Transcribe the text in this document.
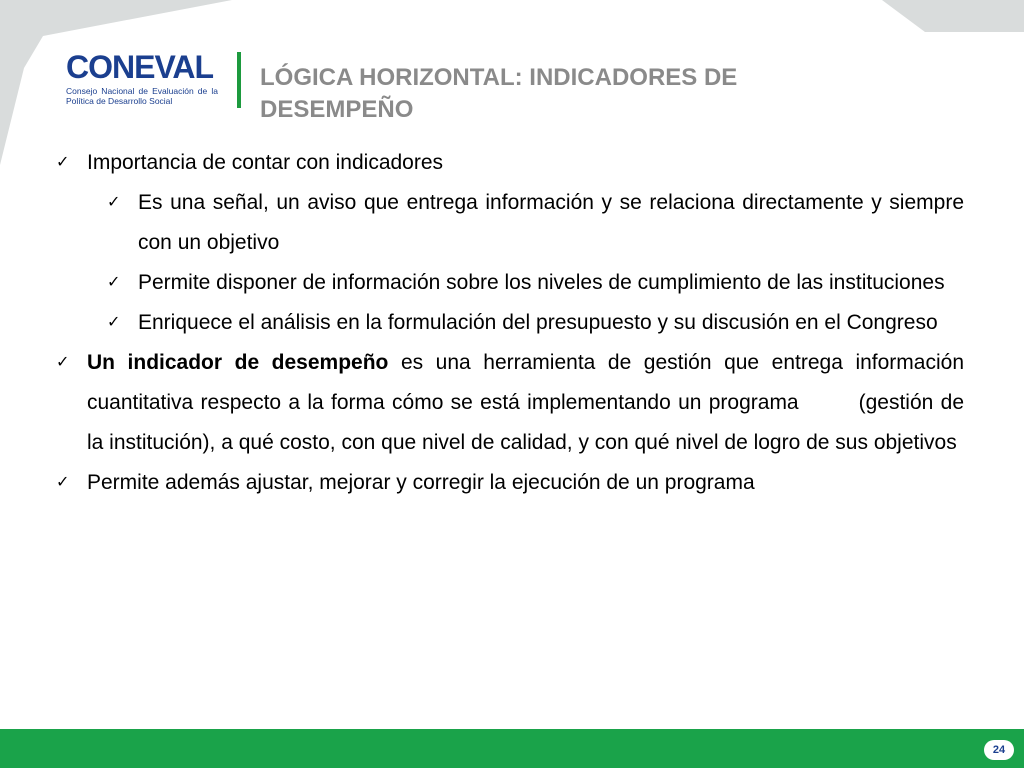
CONEVAL
Consejo Nacional de Evaluación de la Política de Desarrollo Social
LÓGICA HORIZONTAL: INDICADORES DE DESEMPEÑO
✓ Importancia de contar con indicadores
✓ Es una señal, un aviso que entrega información y se relaciona directamente y siempre con un objetivo
✓ Permite disponer de información sobre los niveles de cumplimiento de las instituciones
✓ Enriquece el análisis en la formulación del presupuesto y su discusión en el Congreso
✓ Un indicador de desempeño es una herramienta de gestión que entrega información cuantitativa respecto a la forma cómo se está implementando un programa	(gestión de la institución), a qué costo, con que nivel de calidad, y con qué nivel de logro de sus objetivos
✓ Permite además ajustar, mejorar y corregir la ejecución de un programa
24
